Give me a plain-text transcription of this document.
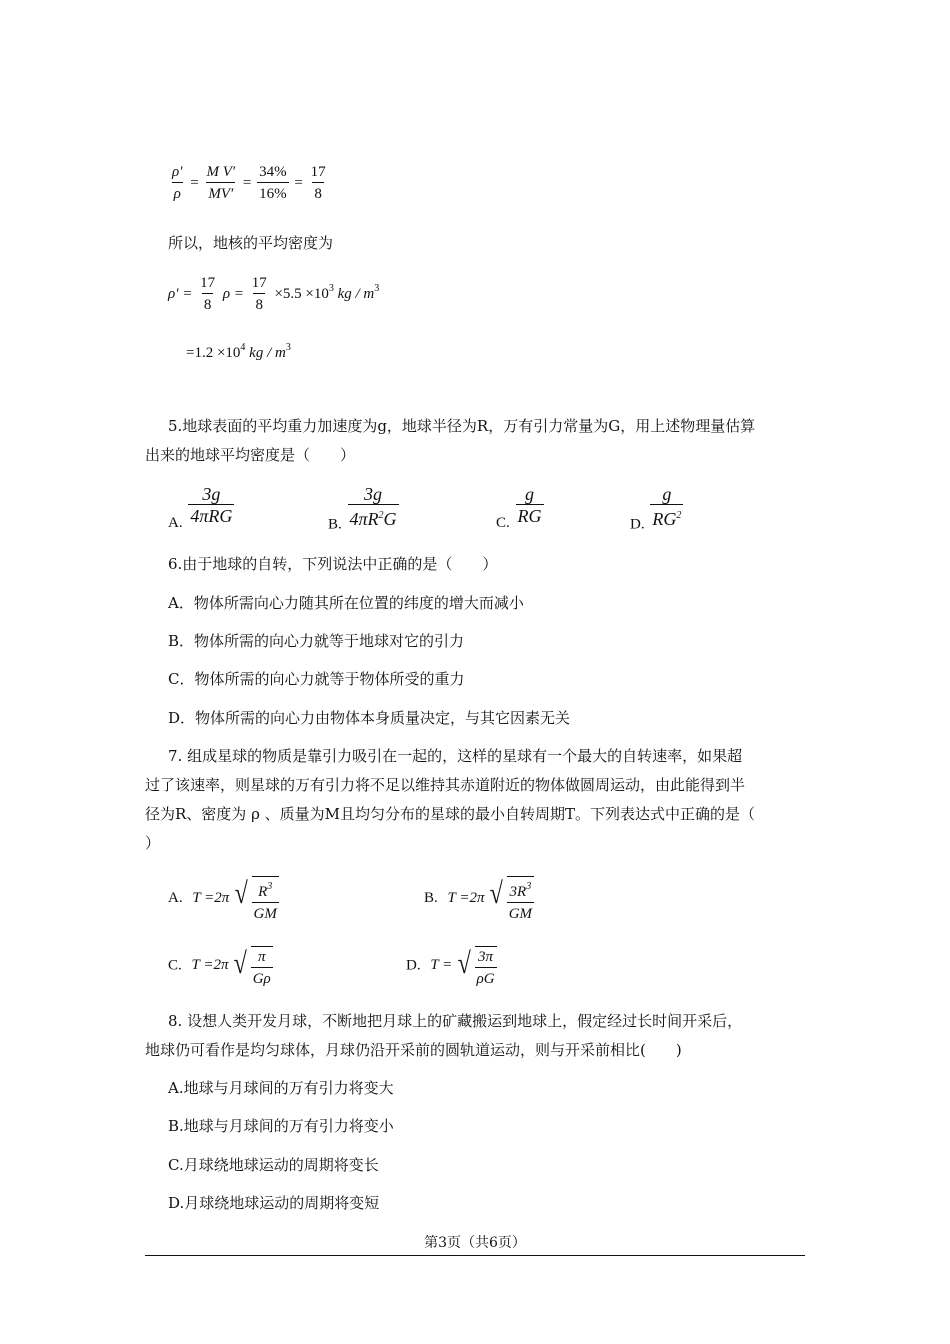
$\frac{\rho'}{\rho} = \frac{\text{M V′}}{MV'} = \frac{34\%}{16\%} = \frac{17}{8}$
所以，地核的平均密度为
$\rho' = \frac{17}{8}$ $\rho = \frac{17}{8} \times 5.5 \times 10^3$ kg / $m^3$
$=1.2 \times 10^4$ kg / $m^3$
5.地球表面的平均重力加速度为g，地球半径为R，万有引力常量为G，用上述物理量估算
出来的地球平均密度是（　　）
A. $\frac{3g}{\text{4πRG}}$	B. $\frac{3g}{4\pi R^2G}$	C. $\frac{g}{RG}$	D. $\frac{g}{RG^2}$
6.由于地球的自转，下列说法中正确的是（　　）
A．物体所需向心力随其所在位置的纬度的增大而减小
B．物体所需的向心力就等于地球对它的引力
C．物体所需的向心力就等于物体所受的重力
D．物体所需的向心力由物体本身质量决定，与其它因素无关
7. 组成星球的物质是靠引力吸引在一起的，这样的星球有一个最大的自转速率，如果超
过了该速率，则星球的万有引力将不足以维持其赤道附近的物体做圆周运动，由此能得到半
径为R、密度为 ρ 、质量为M且均匀分布的星球的最小自转周期T。下列表达式中正确的是（
）
A. T =2π √ $\frac{R^3}{GM}$	B. T =2π √ $\frac{3R^3}{GM}$
C. T =2π √ $\frac{\pi}{G\rho}$	D. T = √ $\frac{3\pi}{\rho G}$
8. 设想人类开发月球，不断地把月球上的矿藏搬运到地球上，假定经过长时间开采后，
地球仍可看作是均匀球体，月球仍沿开采前的圆轨道运动，则与开采前相比(　　)
A.地球与月球间的万有引力将变大
B.地球与月球间的万有引力将变小
C.月球绕地球运动的周期将变长
D.月球绕地球运动的周期将变短
第3页（共6页）
